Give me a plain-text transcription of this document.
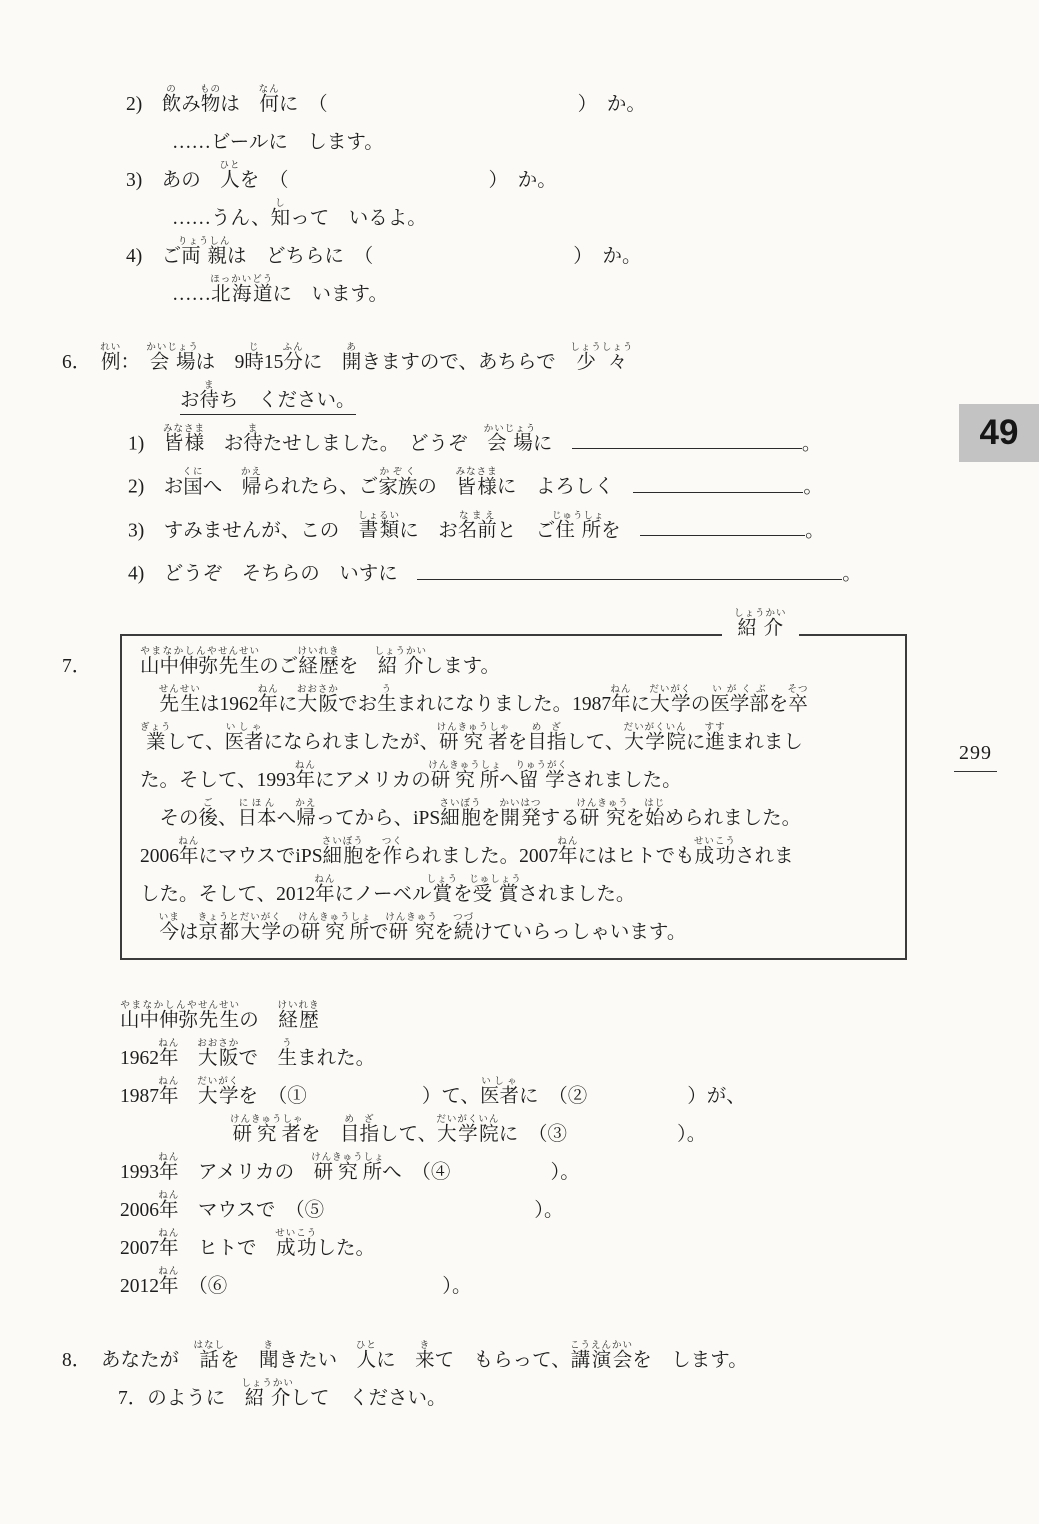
2)　飲のみ物ものは　何なんに　（	）　か。
……ビールに　します。
3)　あの　人ひとを　（	）　か。
……うん、知しって　いるよ。
4)　ご両親りょうしんは　どちらに　（	）　か。
……北海道ほっかいどうに　います。
6．　例れい：　会場かいじょうは　9時じ15分ふんに　開あきますので、あちらで　少々しょうしょう
お待まち　ください。
1)　皆様みなさま　お待またせしました。　どうぞ　会場かいじょうに　	。
2)　お国くにへ　帰かえられたら、ご家族かぞくの　皆様みなさまに　よろしく　	。
3)　すみませんが、この　書類しょるいに　お名前なまえと　ご住所じゅうしょを　	。
4)　どうぞ　そちらの　いすに　	。
7．
紹介しょうかい
山中伸弥やまなかしんや先生せんせいのご経歴けいれきを　紹介しょうかいします。
　先生せんせいは1962年ねんに大阪おおさかでお生うまれになりました。1987年ねんに大学だいがくの医学部いがくぶを卒そつ
業ぎょうして、医者いしゃになられましたが、研究者けんきゅうしゃを目指めざして、大学院だいがくいんに進すすまれまし
た。そして、1993年ねんにアメリカの研究所けんきゅうしょへ留学りゅうがくされました。
　その後ご、日本にほんへ帰かえってから、iPS細胞さいぼうを開発かいはつする研究けんきゅうを始はじめられました。
2006年ねんにマウスでiPS細胞さいぼうを作つくられました。2007年ねんにはヒトでも成功せいこうされま
した。そして、2012年ねんにノーベル賞しょうを受賞じゅしょうされました。
　今いまは京都大学きょうとだいがくの研究所けんきゅうしょで研究けんきゅうを続つづけていらっしゃいます。
山中伸弥やまなかしんや先生せんせいの　経歴けいれき
1962年ねん　大阪おおさかで　生うまれた。
1987年ねん　大学だいがくを　（①	）て、医者いしゃに　（②	）が、
研究者けんきゅうしゃを　目指めざして、大学院だいがくいんに　（③	）。
1993年ねん　アメリカの　研究所けんきゅうしょへ　（④	）。
2006年ねん　マウスで　（⑤	）。
2007年ねん　ヒトで　成功せいこうした。
2012年ねん　（⑥	）。
8．　あなたが　話はなしを　聞ききたい　人ひとに　来きて　もらって、講演会こうえんかいを　します。
7．のように　紹介しょうかいして　ください。
49
299
